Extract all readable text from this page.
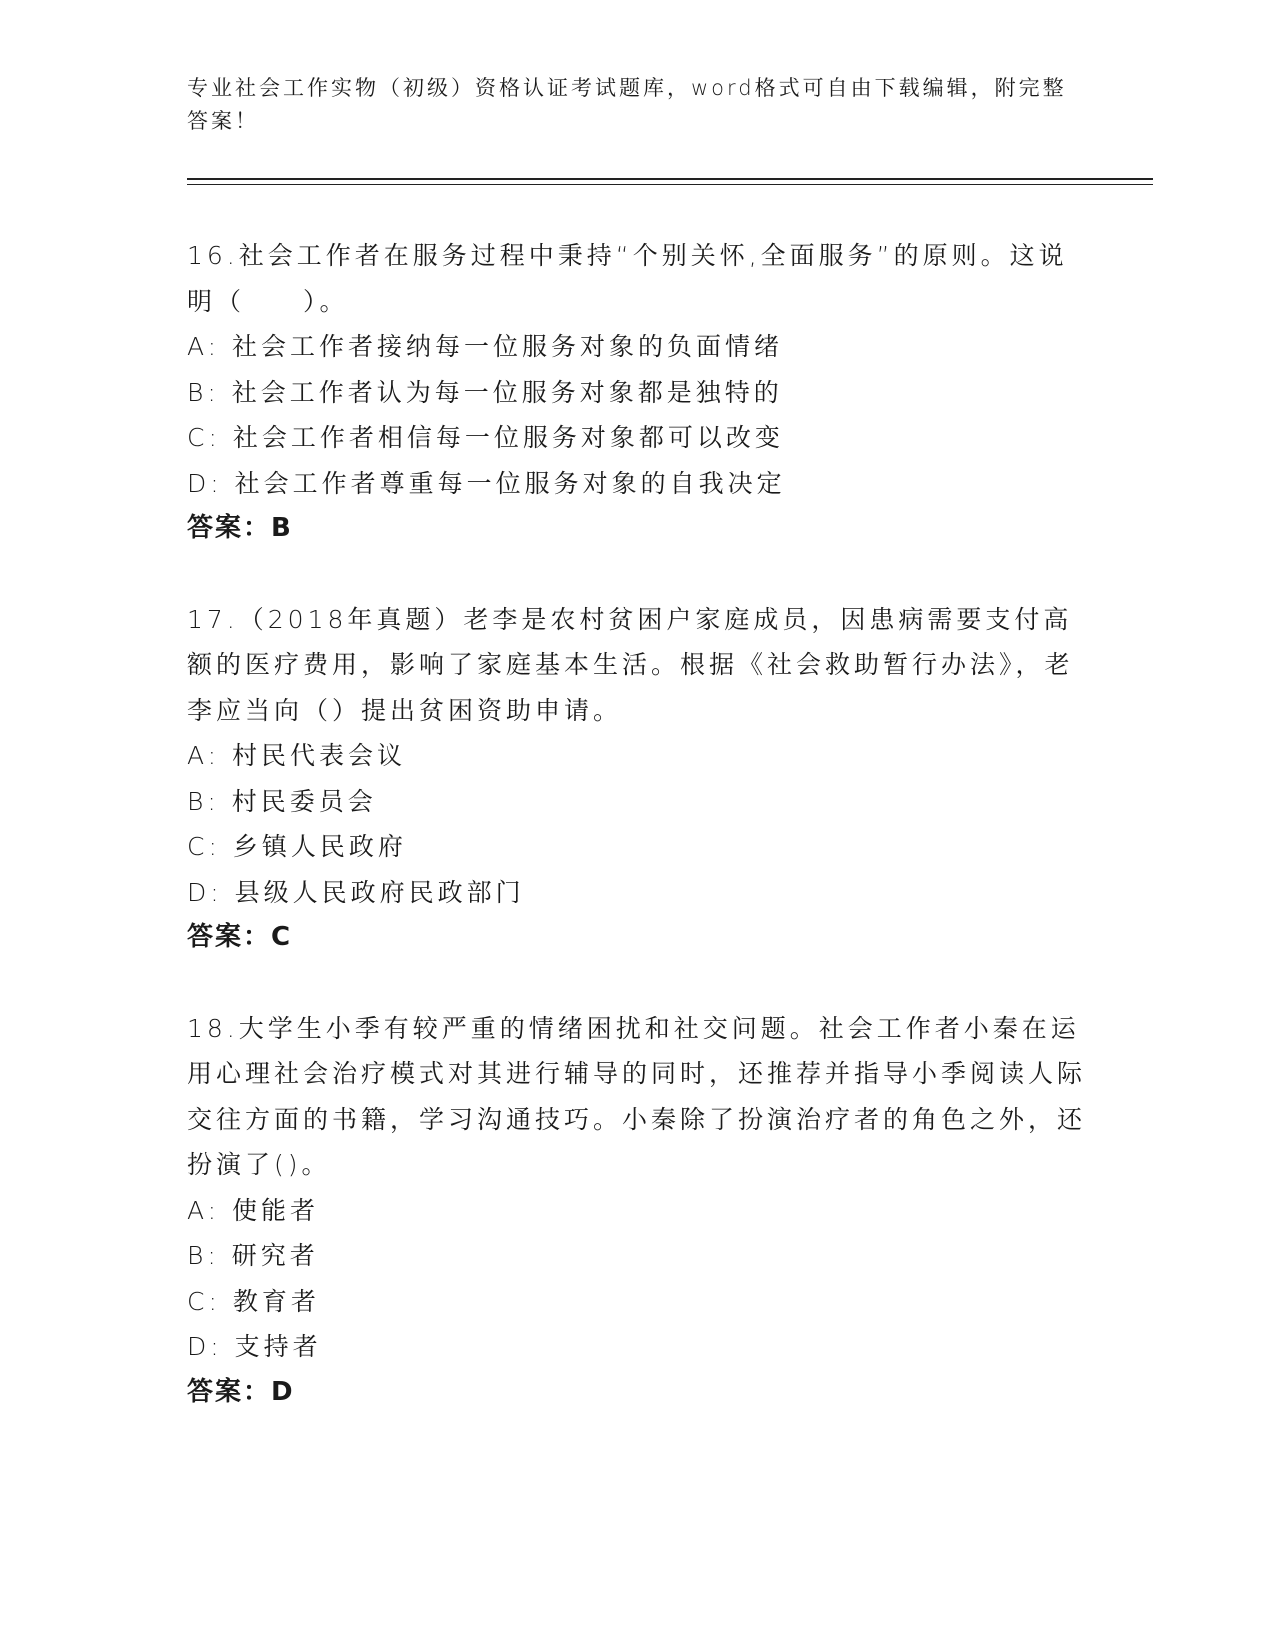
专业社会工作实物（初级）资格认证考试题库，word格式可自由下载编辑，附完整答案！
16.社会工作者在服务过程中秉持“个别关怀,全面服务”的原则。这说明（　　）。
A: 社会工作者接纳每一位服务对象的负面情绪
B: 社会工作者认为每一位服务对象都是独特的
C: 社会工作者相信每一位服务对象都可以改变
D: 社会工作者尊重每一位服务对象的自我决定
答案：B
17.（2018年真题）老李是农村贫困户家庭成员，因患病需要支付高额的医疗费用，影响了家庭基本生活。根据《社会救助暂行办法》，老李应当向（）提出贫困资助申请。
A: 村民代表会议
B: 村民委员会
C: 乡镇人民政府
D: 县级人民政府民政部门
答案：C
18.大学生小季有较严重的情绪困扰和社交问题。社会工作者小秦在运用心理社会治疗模式对其进行辅导的同时，还推荐并指导小季阅读人际交往方面的书籍，学习沟通技巧。小秦除了扮演治疗者的角色之外，还扮演了()。
A: 使能者
B: 研究者
C: 教育者
D: 支持者
答案：D
